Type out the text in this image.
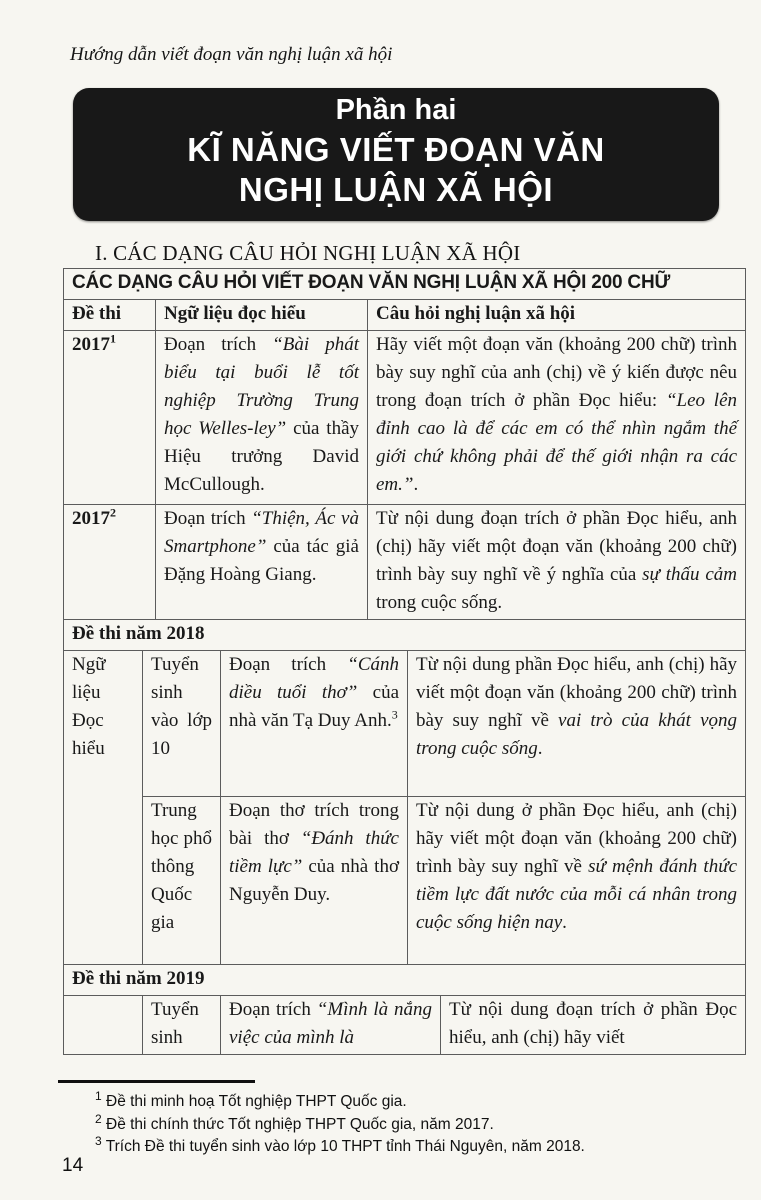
Hướng dẫn viết đoạn văn nghị luận xã hội
Phần hai
KĨ NĂNG VIẾT ĐOẠN VĂN
NGHỊ LUẬN XÃ HỘI
I. CÁC DẠNG CÂU HỎI NGHỊ LUẬN XÃ HỘI
CÁC DẠNG CÂU HỎI VIẾT ĐOẠN VĂN NGHỊ LUẬN XÃ HỘI 200 CHỮ						
Đề thi		Ngữ liệu đọc hiểu		Câu hỏi nghị luận xã hội		
2017$^1$		Đoạn trích “Bài phát biểu tại buổi lễ tốt nghiệp Trường Trung học Welles-ley” của thầy Hiệu trưởng David McCullough.		Hãy viết một đoạn văn (khoảng 200 chữ) trình bày suy nghĩ của anh (chị) về ý kiến được nêu trong đoạn trích ở phần Đọc hiểu: “Leo lên đỉnh cao là để các em có thể nhìn ngắm thế giới chứ không phải để thế giới nhận ra các em.”.		
2017$^2$		Đoạn trích “Thiện, Ác và Smartphone” của tác giả Đặng Hoàng Giang.		Từ nội dung đoạn trích ở phần Đọc hiểu, anh (chị) hãy viết một đoạn văn (khoảng 200 chữ) trình bày suy nghĩ về ý nghĩa của sự thấu cảm trong cuộc sống.		
Đề thi năm 2018						
Ngữ liệu Đọc hiểu	Tuyển sinh vào lớp 10		Đoạn trích “Cánh diều tuổi thơ” của nhà văn Tạ Duy Anh.$^3$		Từ nội dung phần Đọc hiểu, anh (chị) hãy viết một đoạn văn (khoảng 200 chữ) trình bày suy nghĩ về vai trò của khát vọng trong cuộc sống.	
	Trung học phổ thông Quốc gia		Đoạn thơ trích trong bài thơ “Đánh thức tiềm lực” của nhà thơ Nguyễn Duy.		Từ nội dung ở phần Đọc hiểu, anh (chị) hãy viết một đoạn văn (khoảng 200 chữ) trình bày suy nghĩ về sứ mệnh đánh thức tiềm lực đất nước của mỗi cá nhân trong cuộc sống hiện nay.	
Đề thi năm 2019						
	Tuyển sinh		Đoạn trích “Mình là nắng việc của mình là			Từ nội dung đoạn trích ở phần Đọc hiểu, anh (chị) hãy viết
$^1$ Đề thi minh hoạ Tốt nghiệp THPT Quốc gia.
$^2$ Đề thi chính thức Tốt nghiệp THPT Quốc gia, năm 2017.
$^3$ Trích Đề thi tuyển sinh vào lớp 10 THPT tỉnh Thái Nguyên, năm 2018.
14
